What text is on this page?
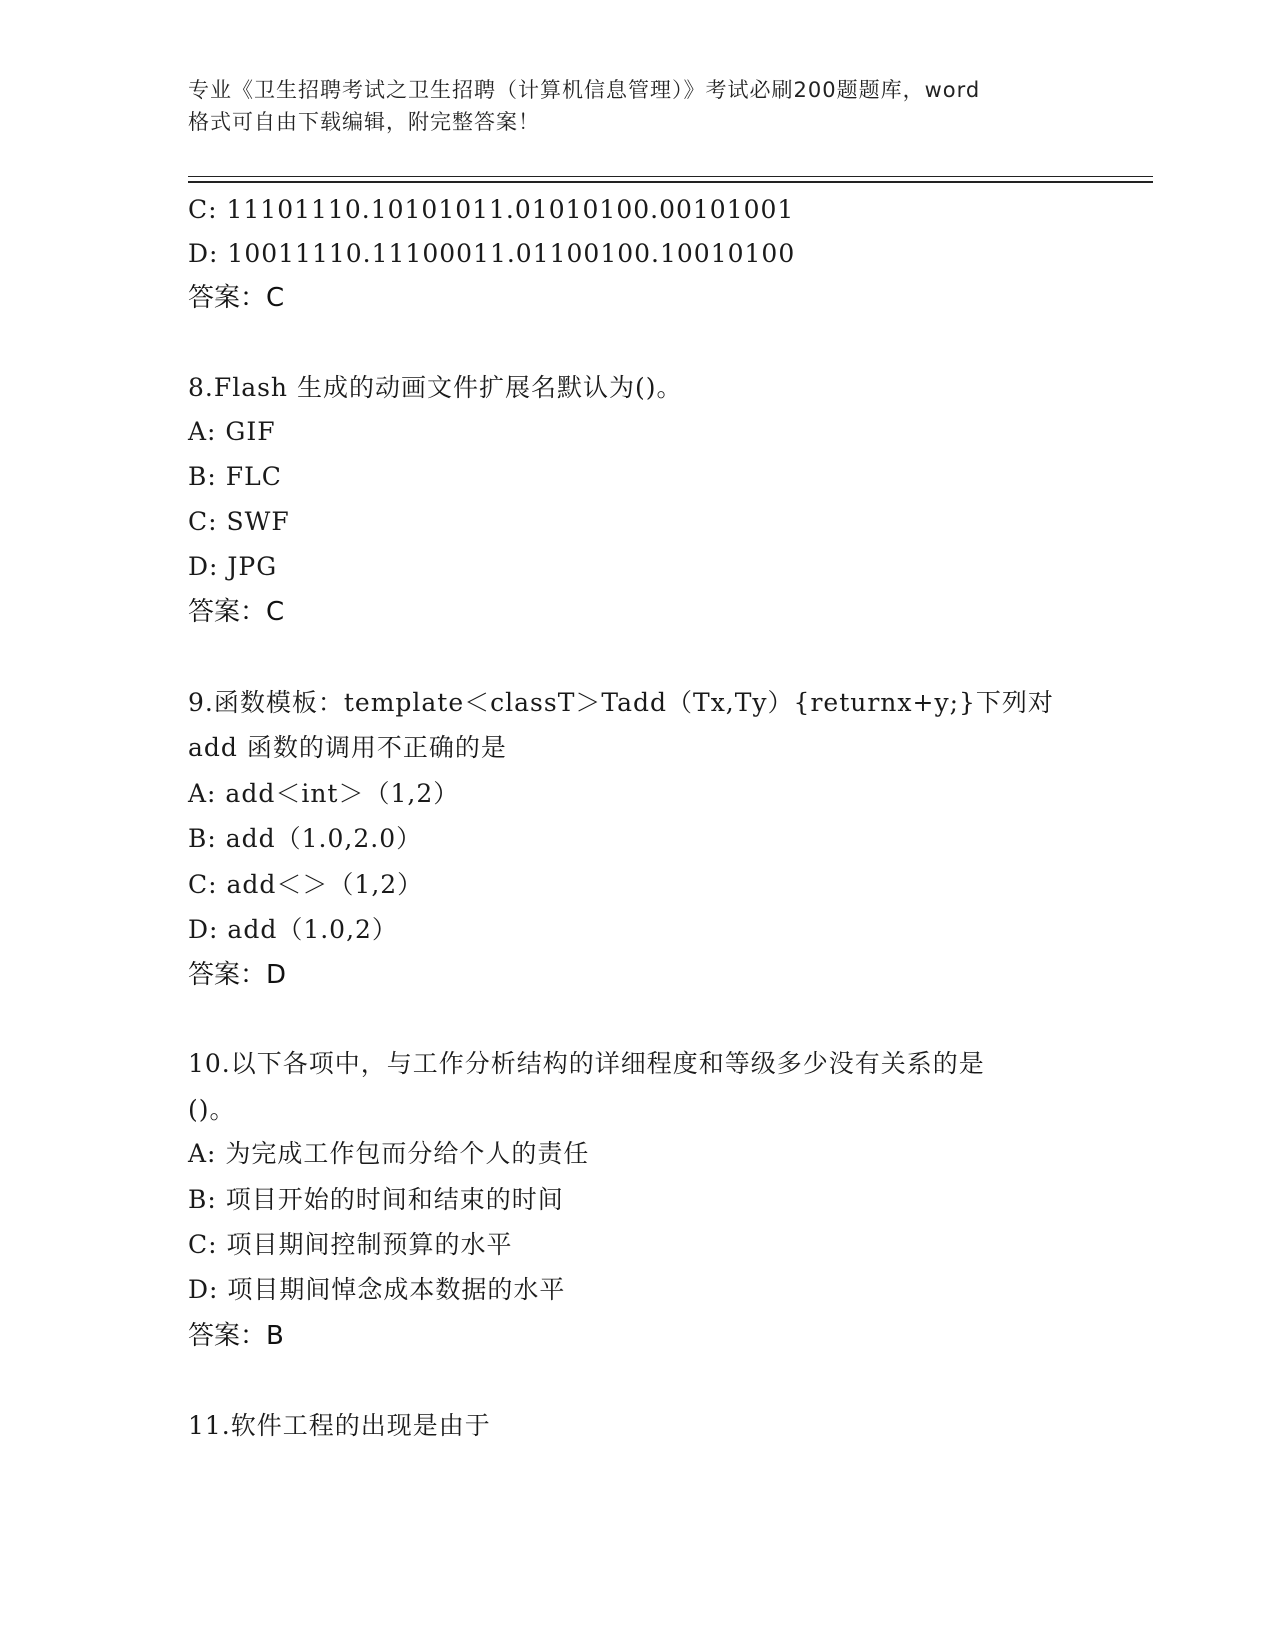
专业《卫生招聘考试之卫生招聘（计算机信息管理）》考试必刷200题题库，word
格式可自由下载编辑，附完整答案！
C: 11101110.10101011.01010100.00101001
D: 10011110.11100011.01100100.10010100
答案：C
8.Flash 生成的动画文件扩展名默认为()。
A: GIF
B: FLC
C: SWF
D: JPG
答案：C
9.函数模板：template＜classT＞Tadd（Tx,Ty）{returnx+y;}下列对
add 函数的调用不正确的是
A: add＜int＞（1,2）
B: add（1.0,2.0）
C: add＜＞（1,2）
D: add（1.0,2）
答案：D
10.以下各项中，与工作分析结构的详细程度和等级多少没有关系的是
()。
A: 为完成工作包而分给个人的责任
B: 项目开始的时间和结束的时间
C: 项目期间控制预算的水平
D: 项目期间悼念成本数据的水平
答案：B
11.软件工程的出现是由于
